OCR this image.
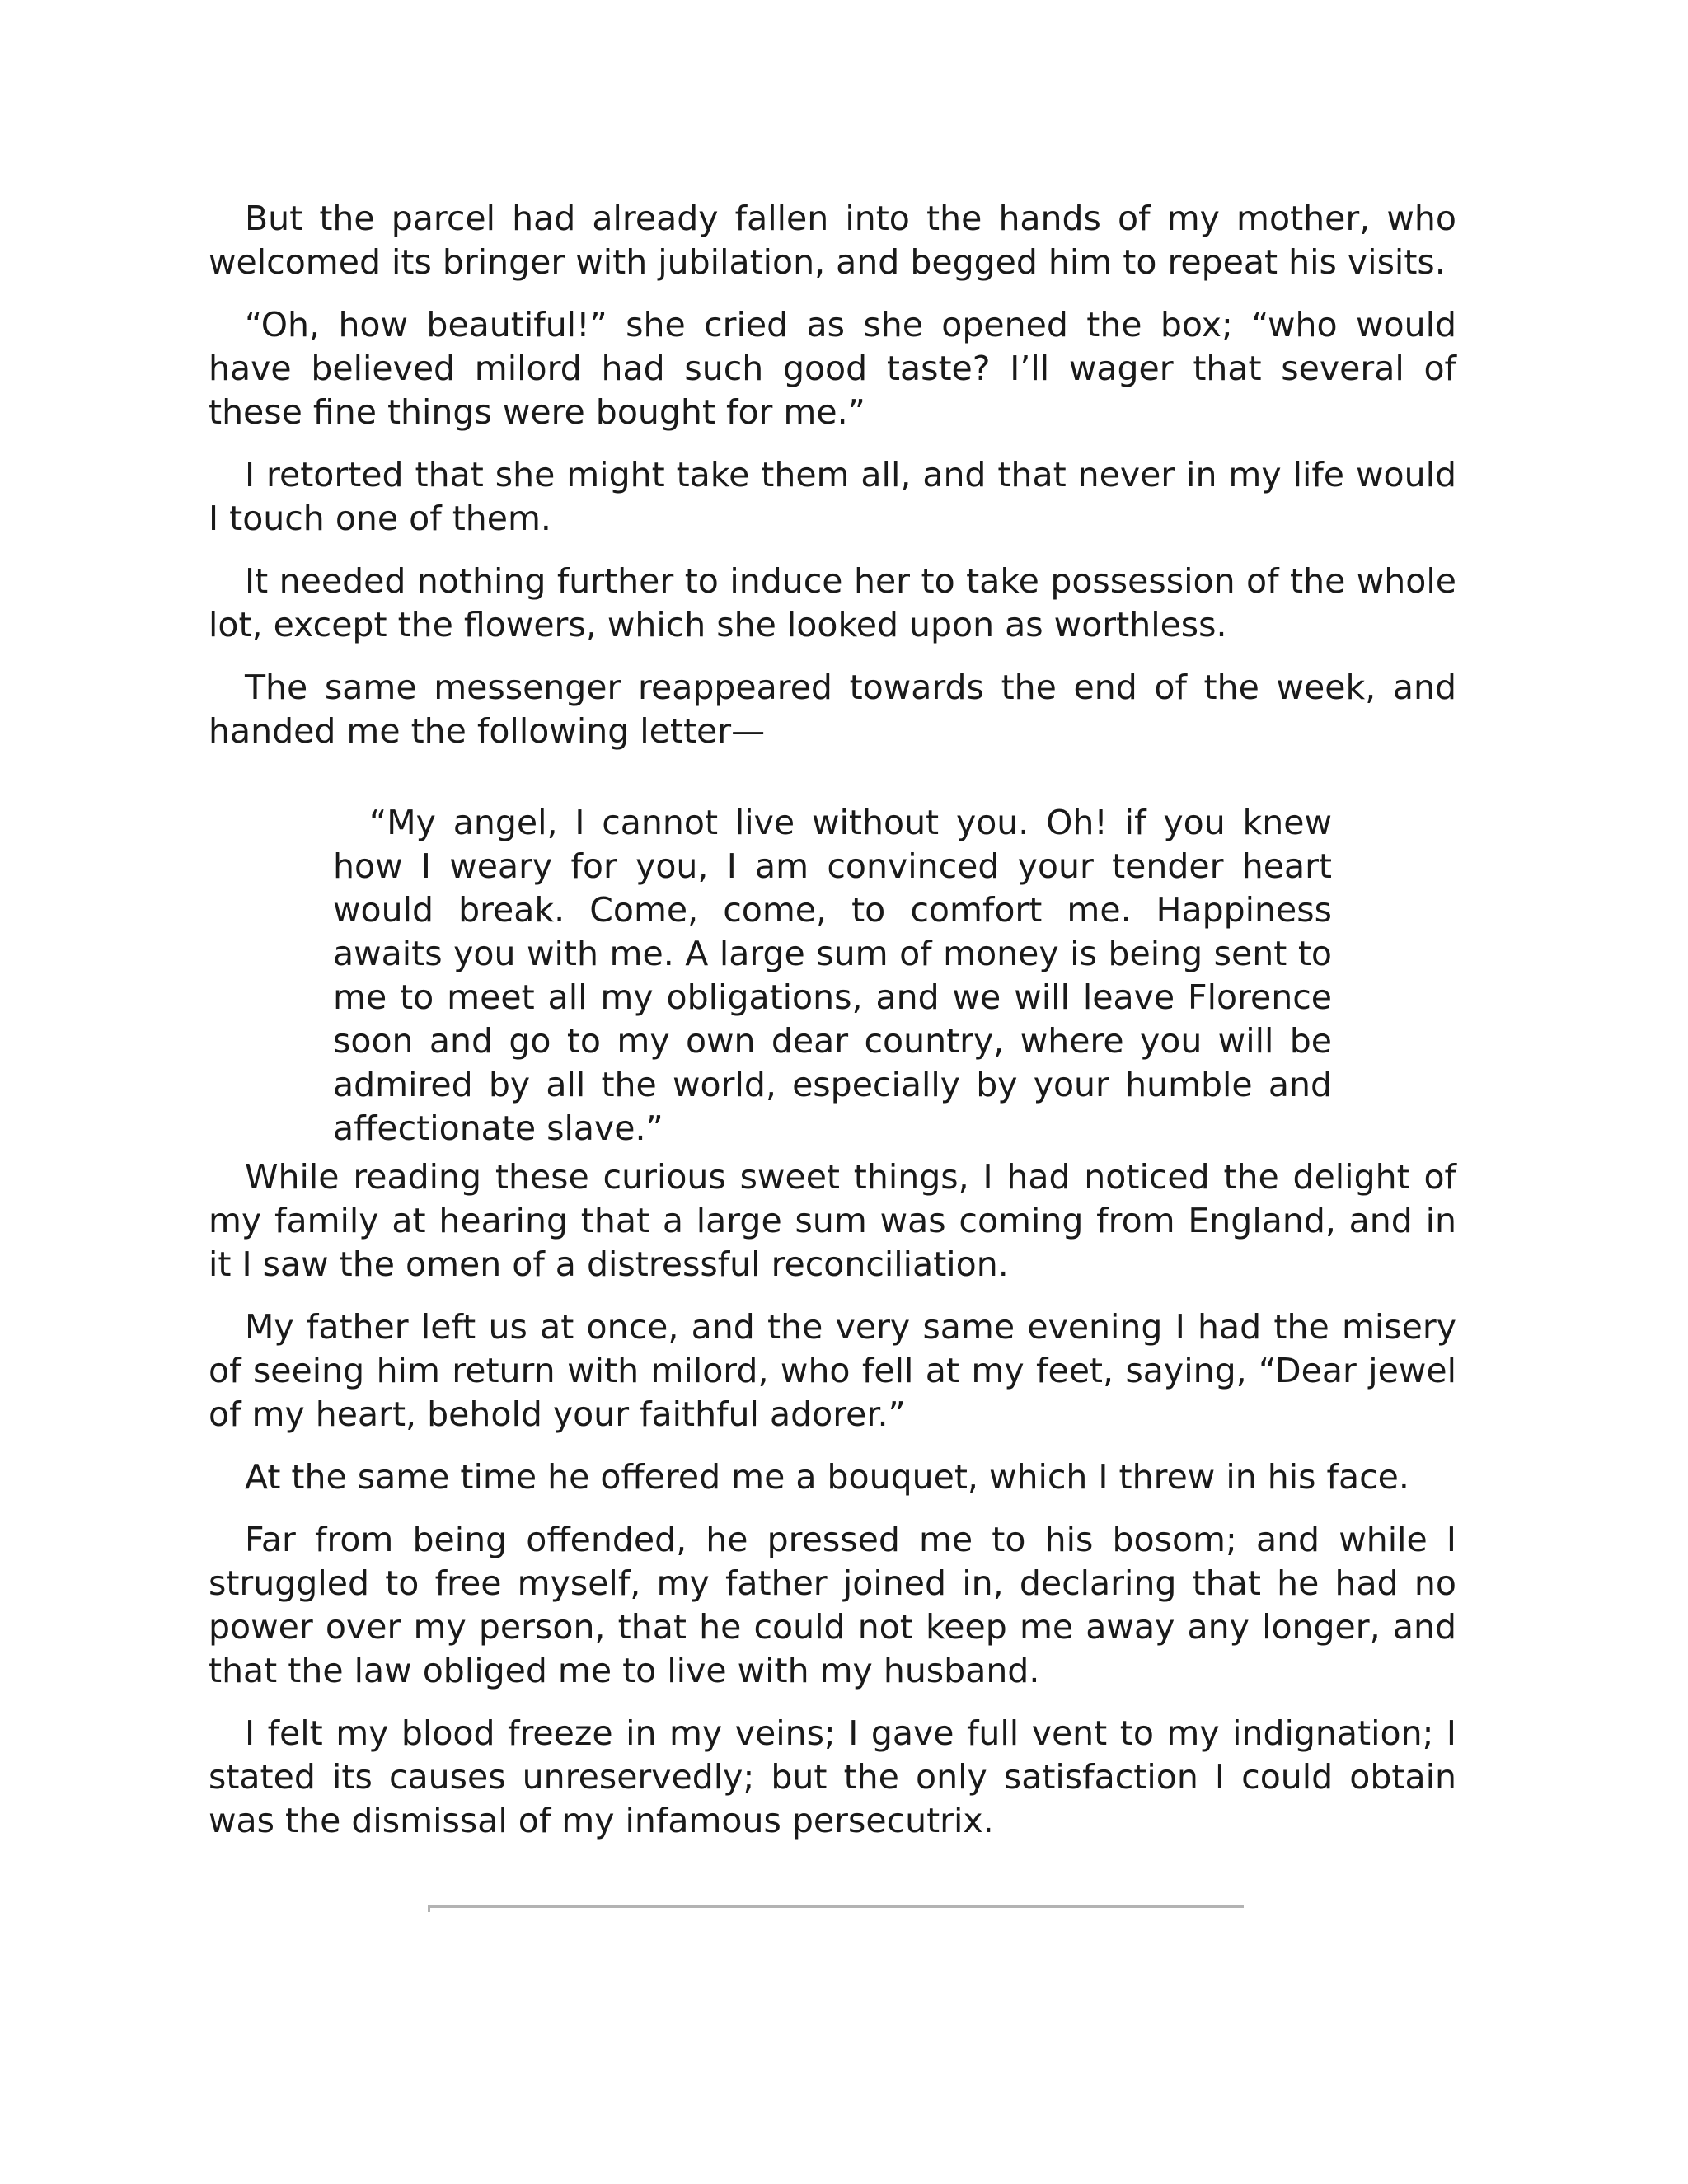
But the parcel had already fallen into the hands of my mother, who welcomed its bringer with jubilation, and begged him to repeat his visits.

“Oh, how beautiful!” she cried as she opened the box; “who would have believed milord had such good taste? I’ll wager that several of these fine things were bought for me.”

I retorted that she might take them all, and that never in my life would I touch one of them.

It needed nothing further to induce her to take possession of the whole lot, except the flowers, which she looked upon as worthless.

The same messenger reappeared towards the end of the week, and handed me the following letter—

“My angel, I cannot live without you. Oh! if you knew how I weary for you, I am convinced your tender heart would break. Come, come, to comfort me. Happiness awaits you with me. A large sum of money is being sent to me to meet all my obligations, and we will leave Florence soon and go to my own dear country, where you will be admired by all the world, especially by your humble and affectionate slave.”

While reading these curious sweet things, I had noticed the delight of my family at hearing that a large sum was coming from England, and in it I saw the omen of a distressful reconciliation.

My father left us at once, and the very same evening I had the misery of seeing him return with milord, who fell at my feet, saying, “Dear jewel of my heart, behold your faithful adorer.”

At the same time he offered me a bouquet, which I threw in his face.

Far from being offended, he pressed me to his bosom; and while I struggled to free myself, my father joined in, declaring that he had no power over my person, that he could not keep me away any longer, and that the law obliged me to live with my husband.

I felt my blood freeze in my veins; I gave full vent to my indignation; I stated its causes unreservedly; but the only satisfaction I could obtain was the dismissal of my infamous persecutrix.
